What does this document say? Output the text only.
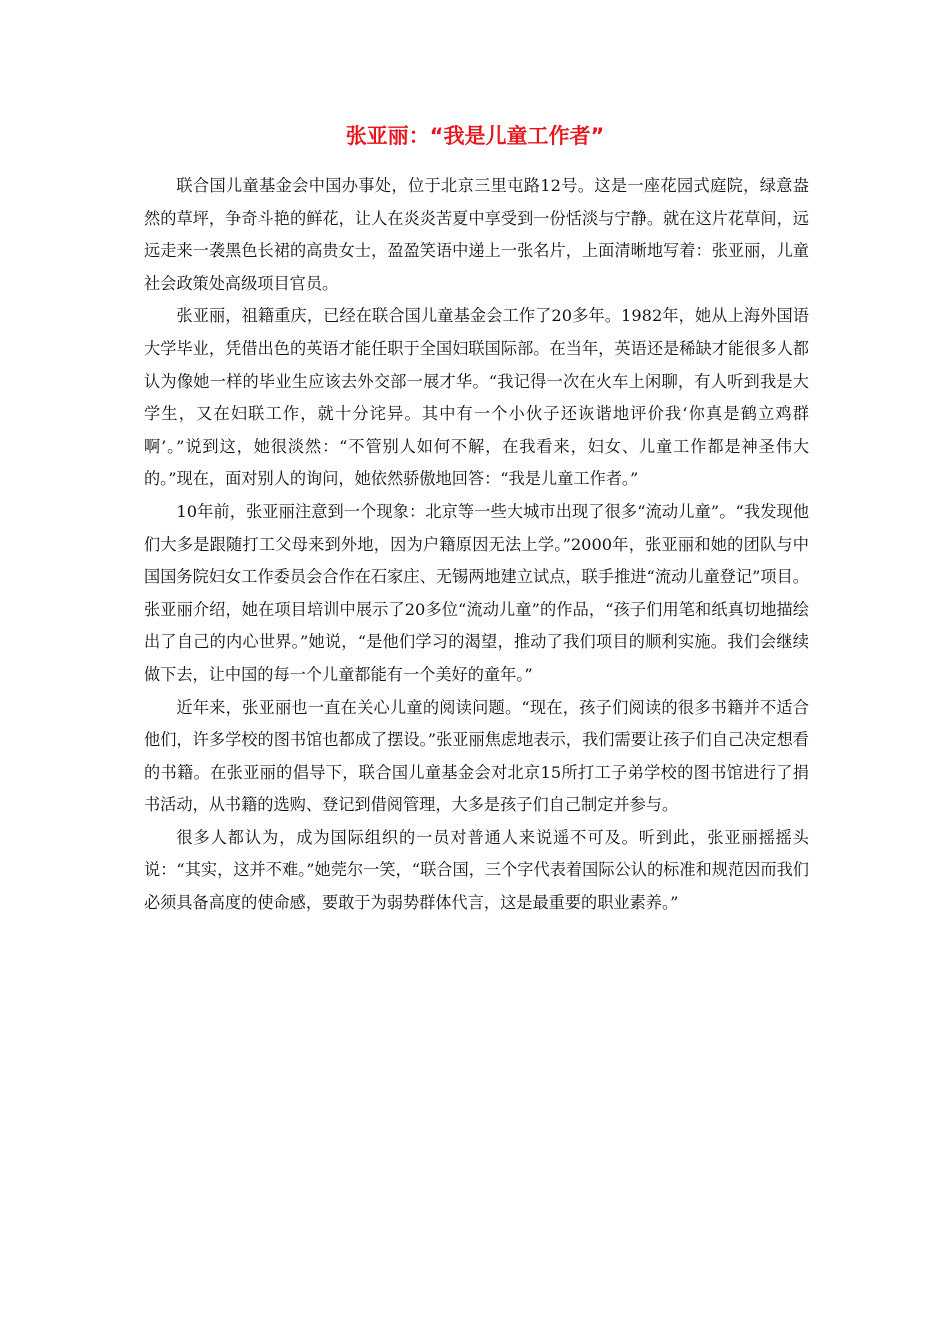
张亚丽：“我是儿童工作者”

联合国儿童基金会中国办事处，位于北京三里屯路12号。这是一座花园式庭院，绿意盎然的草坪，争奇斗艳的鲜花，让人在炎炎苦夏中享受到一份恬淡与宁静。就在这片花草间，远远走来一袭黑色长裙的高贵女士，盈盈笑语中递上一张名片，上面清晰地写着：张亚丽，儿童社会政策处高级项目官员。

张亚丽，祖籍重庆，已经在联合国儿童基金会工作了20多年。1982年，她从上海外国语大学毕业，凭借出色的英语才能任职于全国妇联国际部。在当年，英语还是稀缺才能很多人都认为像她一样的毕业生应该去外交部一展才华。“我记得一次在火车上闲聊，有人听到我是大学生，又在妇联工作，就十分诧异。其中有一个小伙子还诙谐地评价我‘你真是鹤立鸡群啊’。”说到这，她很淡然：“不管别人如何不解，在我看来，妇女、儿童工作都是神圣伟大的。”现在，面对别人的询问，她依然骄傲地回答：“我是儿童工作者。”

10年前，张亚丽注意到一个现象：北京等一些大城市出现了很多“流动儿童”。“我发现他们大多是跟随打工父母来到外地，因为户籍原因无法上学。”2000年，张亚丽和她的团队与中国国务院妇女工作委员会合作在石家庄、无锡两地建立试点，联手推进“流动儿童登记”项目。张亚丽介绍，她在项目培训中展示了20多位“流动儿童”的作品，“孩子们用笔和纸真切地描绘出了自己的内心世界。”她说，“是他们学习的渴望，推动了我们项目的顺利实施。我们会继续做下去，让中国的每一个儿童都能有一个美好的童年。”

近年来，张亚丽也一直在关心儿童的阅读问题。“现在，孩子们阅读的很多书籍并不适合他们，许多学校的图书馆也都成了摆设。”张亚丽焦虑地表示，我们需要让孩子们自己决定想看的书籍。在张亚丽的倡导下，联合国儿童基金会对北京15所打工子弟学校的图书馆进行了捐书活动，从书籍的选购、登记到借阅管理，大多是孩子们自己制定并参与。

很多人都认为，成为国际组织的一员对普通人来说遥不可及。听到此，张亚丽摇摇头说：“其实，这并不难。”她莞尔一笑，“联合国，三个字代表着国际公认的标准和规范因而我们必须具备高度的使命感，要敢于为弱势群体代言，这是最重要的职业素养。”
